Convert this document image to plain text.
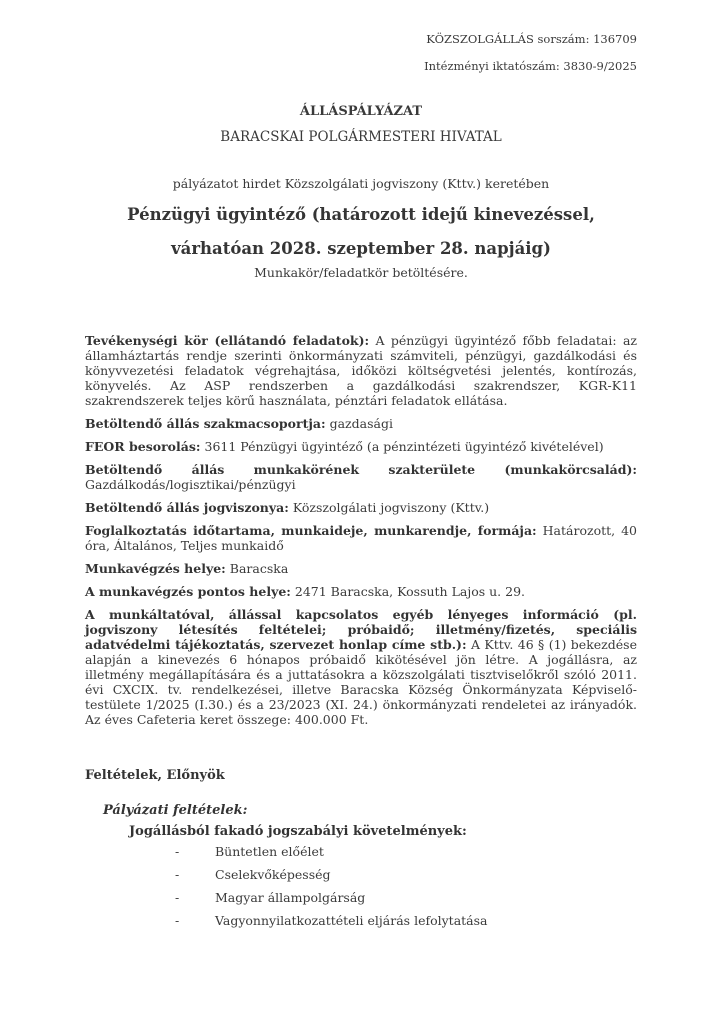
KÖZSZOLGÁLLÁS sorszám: 136709
Intézményi iktatószám: 3830-9/2025
ÁLLÁSPÁLYÁZAT
BARACSKAI POLGÁRMESTERI HIVATAL
pályázatot hirdet Közszolgálati jogviszony (Kttv.) keretében
Pénzügyi ügyintéző (határozott idejű kinevezéssel, várhatóan 2028. szeptember 28. napjáig)
Munkakör/feladatkör betöltésére.
Tevékenységi kör (ellátandó feladatok): A pénzügyi ügyintéző főbb feladatai: az államháztartás rendje szerinti önkormányzati számviteli, pénzügyi, gazdálkodási és könyvvezetési feladatok végrehajtása, időközi költségvetési jelentés, kontírozás, könyvelés. Az ASP rendszerben a gazdálkodási szakrendszer, KGR-K11 szakrendszerek teljes körű használata, pénztári feladatok ellátása.
Betöltendő állás szakmacsoportja: gazdasági
FEOR besorolás: 3611 Pénzügyi ügyintéző (a pénzintézeti ügyintéző kivételével)
Betöltendő állás munkakörének szakterülete (munkakörcsalád):
Gazdálkodás/logisztikai/pénzügyi
Betöltendő állás jogviszonya: Közszolgálati jogviszony (Kttv.)
Foglalkoztatás időtartama, munkaideje, munkarendje, formája: Határozott, 40 óra, Általános, Teljes munkaidő
Munkavégzés helye: Baracska
A munkavégzés pontos helye: 2471 Baracska, Kossuth Lajos u. 29.
A munkáltatóval, állással kapcsolatos egyéb lényeges információ (pl. jogviszony létesítés feltételei; próbaidő; illetmény/fizetés, speciális adatvédelmi tájékoztatás, szervezet honlap címe stb.): A Kttv. 46 § (1) bekezdése alapján a kinevezés 6 hónapos próbaidő kikötésével jön létre. A jogállásra, az illetmény megállapítására és a juttatásokra a közszolgálati tisztviselőkről szóló 2011. évi CXCIX. tv. rendelkezései, illetve Baracska Község Önkormányzata Képviselő-testülete 1/2025 (I.30.) és a 23/2023 (XI. 24.) önkormányzati rendeletei az irányadók. Az éves Cafeteria keret összege: 400.000 Ft.
Feltételek, Előnyök
Pályázati feltételek:
Jogállásból fakadó jogszabályi követelmények:
-	Büntetlen előélet
-	Cselekvőképesség
-	Magyar állampolgárság
-	Vagyonnyilatkozattételi eljárás lefolytatása
